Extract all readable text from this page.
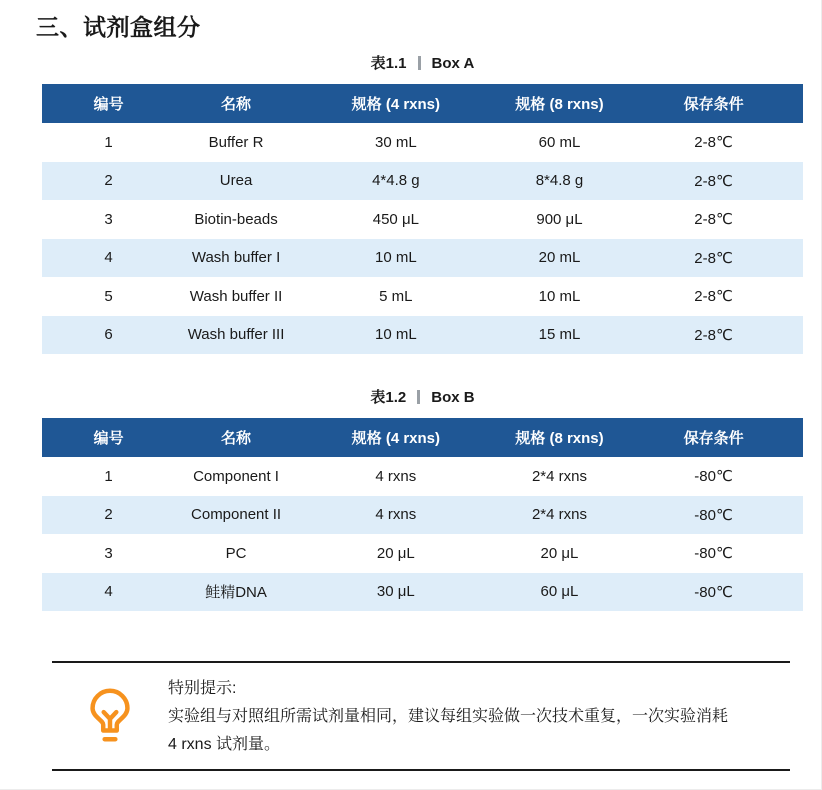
三、试剂盒组分
表1.1 Box A
编号	名称	规格 (4 rxns)	规格 (8 rxns)	保存条件
1	Buffer R	30 mL	60 mL	2-8℃
2	Urea	4*4.8 g	8*4.8 g	2-8℃
3	Biotin-beads	450 μL	900 μL	2-8℃
4	Wash buffer I	10 mL	20 mL	2-8℃
5	Wash buffer II	5 mL	10 mL	2-8℃
6	Wash buffer III	10 mL	15 mL	2-8℃
表1.2 Box B
编号	名称	规格 (4 rxns)	规格 (8 rxns)	保存条件
1	Component I	4 rxns	2*4 rxns	-80℃
2	Component II	4 rxns	2*4 rxns	-80℃
3	PC	20 μL	20 μL	-80℃
4	鲑精DNA	30 μL	60 μL	-80℃

特别提示:

实验组与对照组所需试剂量相同，建议每组实验做一次技术重复，一次实验消耗

4 rxns 试剂量。
